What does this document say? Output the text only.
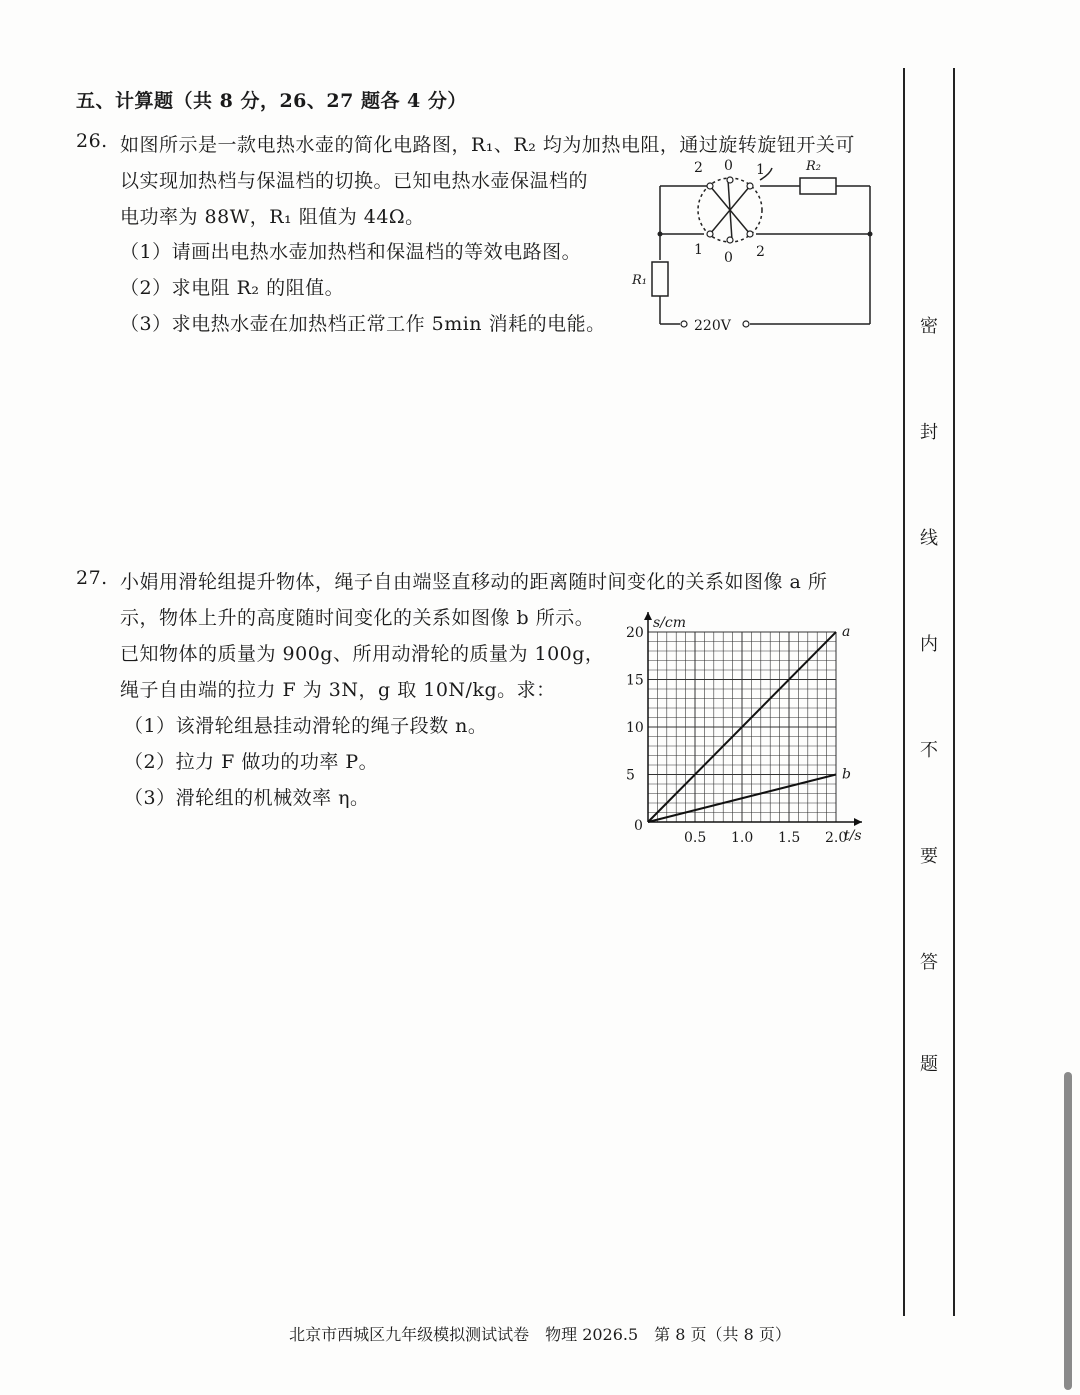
五、计算题（共 8 分，26、27 题各 4 分）
26. 如图所示是一款电热水壶的简化电路图，R₁、R₂ 均为加热电阻，通过旋转旋钮开关可
以实现加热档与保温档的切换。已知电热水壶保温档的
电功率为 88W，R₁ 阻值为 44Ω。
（1）请画出电热水壶加热档和保温档的等效电路图。
（2）求电阻 R₂ 的阻值。
（3）求电热水壶在加热档正常工作 5min 消耗的电能。
2 0 1
1 0 2
R₂
R₁
220V
27. 小娟用滑轮组提升物体，绳子自由端竖直移动的距离随时间变化的关系如图像 a 所
示，物体上升的高度随时间变化的关系如图像 b 所示。
已知物体的质量为 900g、所用动滑轮的质量为 100g，
绳子自由端的拉力 F 为 3N，g 取 10N/kg。求：
（1）该滑轮组悬挂动滑轮的绳子段数 n。
（2）拉力 F 做功的功率 P。
（3）滑轮组的机械效率 η。
t/s
s/cm
0
0.5 1.0 1.5 2.0
5
10
15
20	a
b
密
封
线
内
不
要
答
题
北京市西城区九年级模拟测试试卷　物理 2026.5　第 8 页（共 8 页）
